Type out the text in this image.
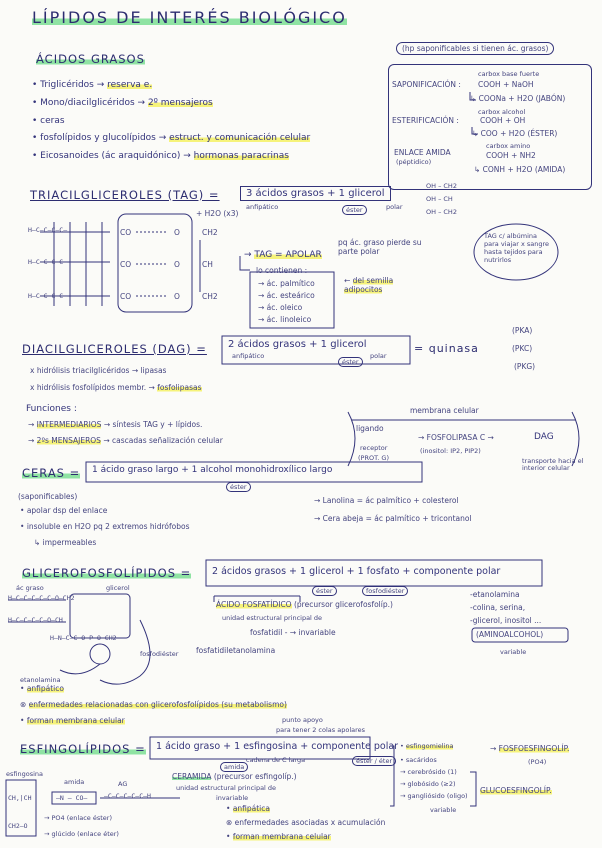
LÍPIDOS DE INTERÉS BIOLÓGICO
ÁCIDOS GRASOS
• Triglicéridos → reserva e.
• Mono/diacilglicéridos → 2º mensajeros
• ceras
• fosfolípidos y glucolípidos → estruct. y comunicación celular
• Eicosanoides (ác araquidónico) → hormonas paracrinas
(hp saponificables si tienen ác. grasos)
carbox base fuerte
SAPONIFICACIÓN : COOH + NaOH
↳ COONa + H2O (JABÓN)
carbox alcohol
ESTERIFICACIÓN :	COOH + OH
↳ COO + H2O (ÉSTER)
carbox amino
ENLACE AMIDA
(péptidico)
COOH + NH2
↳ CONH + H2O (AMIDA)
TRIACILGLICEROLES (TAG) =	3 ácidos grasos + 1 glicerol
anfipático	éster	polar
OH – CH2
OH – CH
OH – CH2
+ H2O (x3)
H–C–C–C–C–
H–C–C–C–C–
H–C–C–C–C–
CO
CO
CO
O
O
O
CH2
CH
CH2
→ TAG = APOLAR
pq ác. graso pierde su parte polar
TAG c/ albúmina para viajar x sangre hasta tejidos para nutrirlos
lo contienen :
→ ác. palmítico
→ ác. esteárico
→ ác. oleico
→ ác. linoleico
← del semilla adipocitos
DIACILGLICEROLES (DAG) = 2 ácidos grasos + 1 glicerol
anfipático
éster
polar
= quinasa
(PKA)
(PKC)
(PKG)
x hidrólisis triacilglicéridos → lipasas
x hidrólisis fosfolípidos membr. → fosfolipasas
Funciones :
→ INTERMEDIARIOS → síntesis TAG y + lípidos.
→ 2ºs MENSAJEROS → cascadas señalización celular
membrana celular
ligando
receptor
(PROT. G)
→ FOSFOLIPASA C →
(inositol: IP2, PIP2)
DAG
transporte hacia el interior celular
CERAS = 1 ácido graso largo + 1 alcohol monohidroxílico largo
éster
(saponificables)
• apolar dsp del enlace
• insoluble en H2O pq 2 extremos hidrófobos
↳ impermeables
→ Lanolina = ác palmítico + colesterol
→ Cera abeja = ác palmítico + tricontanol
GLICEROFOSFOLÍPIDOS = 2 ácidos grasos + 1 glicerol + 1 fosfato + componente polar
éster	fosfodiéster
ác graso	glicerol
H–C–C–C–C–C–O–CH2
H–C–C–C–C–O–CH
H–N–C–C–O–P–O–CH2
fosfodiéster
etanolamina
ÁCIDO FOSFATÍDICO (precursor glicerofosfolíp.)
unidad estructural principal de
fosfatidil - → invariable
fosfatidiletanolamina
-etanolamina
-colina, serina,
-glicerol, inositol ...
(AMINOALCOHOL)
variable
• anfipático
⊗ enfermedades relacionadas con glicerofosfolípidos (su metabolismo)
• forman membrana celular
ESFINGOLÍPIDOS = 1 ácido graso + 1 esfingosina + componente polar
punto apoyo
para tener 2 colas apolares
cadena de C larga
amida
éster / éter
CERAMIDA (precursor esfingolíp.)
unidad estructural principal de
invariable
• esfingomielina
• sacáridos
→ cerebrósido (1)
→ globósido (≥2)
→ gangliósido (oligo)
variable
→ FOSFOESFINGOLÍP.
(PO4)
GLUCOESFINGOLÍP.
esfingosina
amida	AG
CH,|CH	–N – CO–	–C–C–C–C–C–H
CH2–O
→ PO4 (enlace éster)
→ glúcido (enlace éter)
• anfipática
⊗ enfermedades asociadas x acumulación
• forman membrana celular
